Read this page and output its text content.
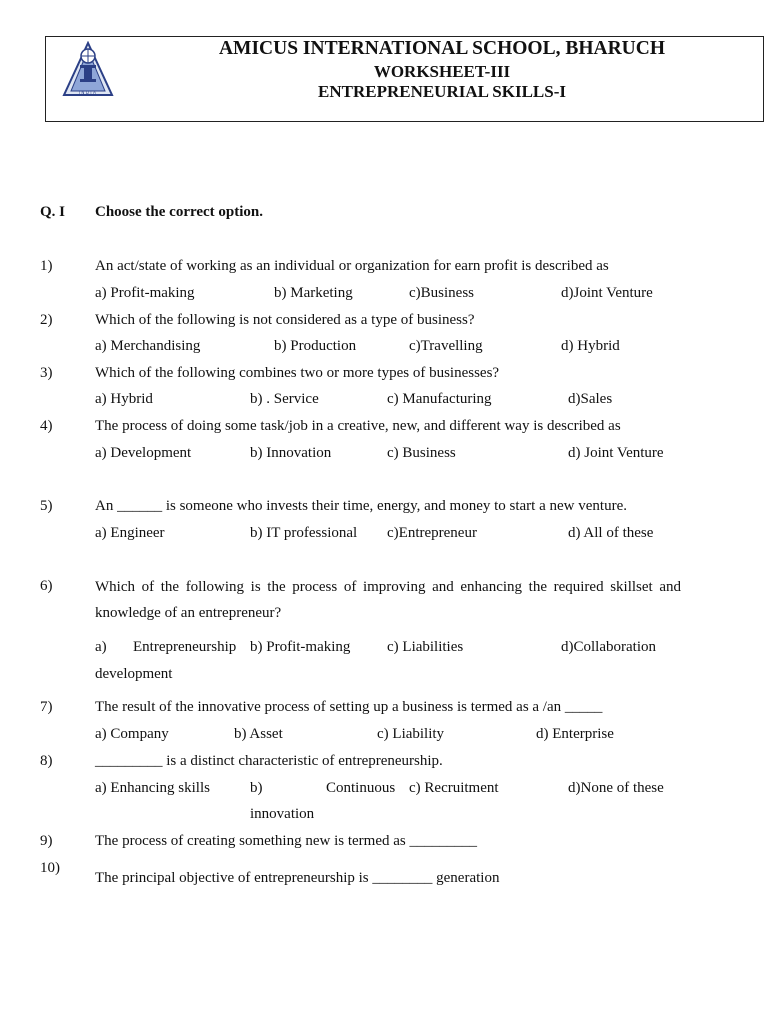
INDIA
AMICUS INTERNATIONAL SCHOOL, BHARUCH
WORKSHEET-III
ENTREPRENEURIAL SKILLS-I
Q. I Choose the correct option.
1)	An act/state of working as an individual or organization for earn profit is described as
a) Profit-making	b) Marketing	c)Business	d)Joint Venture
2)	Which of the following is not considered as a type of business?
a) Merchandising	b) Production	c)Travelling	d) Hybrid
3)	Which of the following combines two or more types of businesses?
a) Hybrid	b) . Service	c) Manufacturing	d)Sales
4)	The process of doing some task/job in a creative, new, and different way is described as
a) Development	b) Innovation	c) Business	d) Joint Venture
5)	An ______ is someone who invests their time, energy, and money to start a new venture.
a) Engineer	b) IT professional c)Entrepreneur	d) All of these
6)	Which of the following is the process of improving and enhancing the required skillset and
knowledge of an entrepreneur?
a) Entrepreneurship b) Profit-making c) Liabilities	d)Collaboration
development
7)	The result of the innovative process of setting up a business is termed as a /an _____
a) Company	b) Asset	c) Liability	d) Enterprise
8)	_________ is a distinct characteristic of entrepreneurship.
a) Enhancing skills	b)	Continuous c) Recruitment	d)None of these
innovation
9)	The process of creating something new is termed as _________
10)
The principal objective of entrepreneurship is ________ generation
